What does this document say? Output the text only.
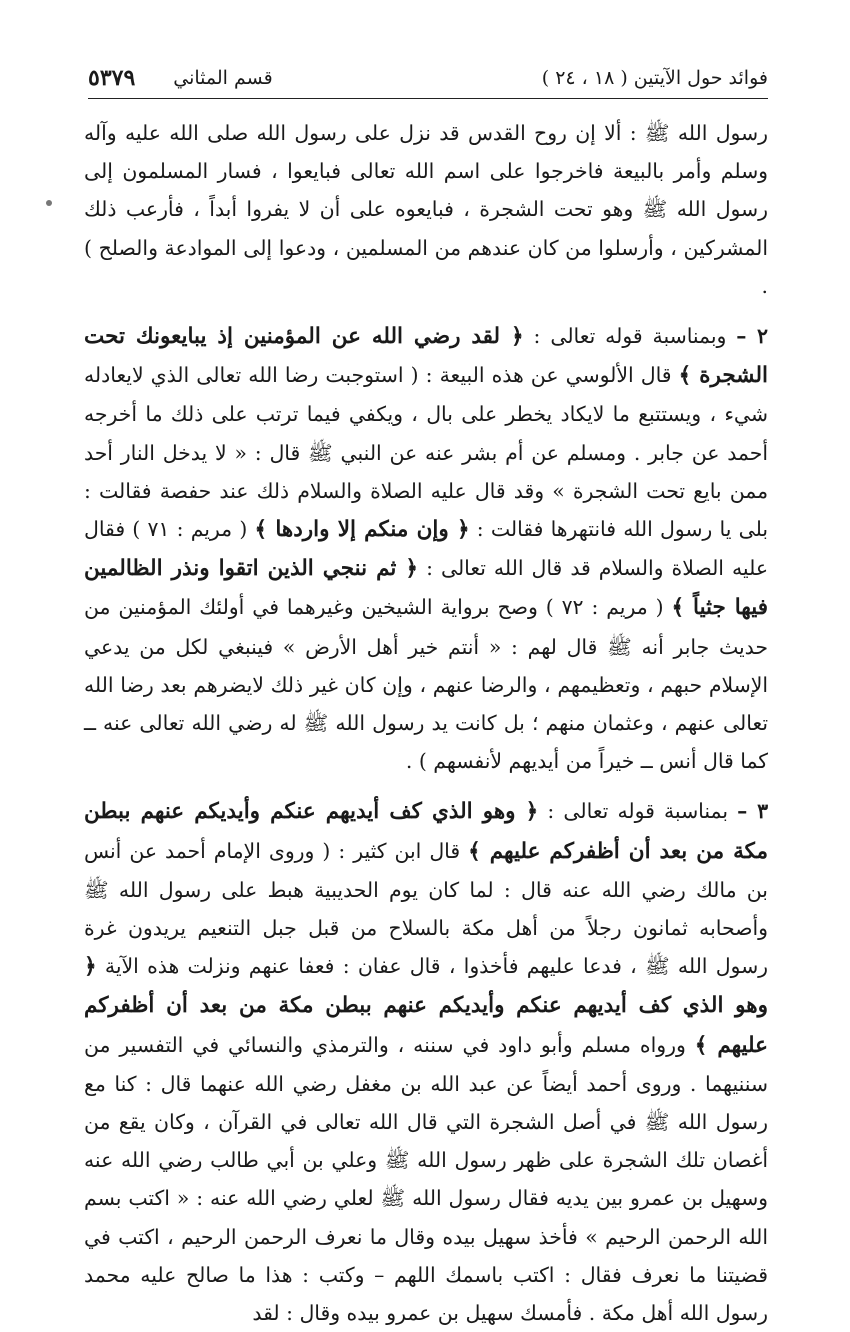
فوائد حول الآيتين ( ١٨ ، ٢٤ )
قسم المثاني
٥٣٧٩

رسول الله ﷺ : ألا إن روح القدس قد نزل على رسول الله صلى الله عليه وآله وسلم وأمر بالبيعة فاخرجوا على اسم الله تعالى فبايعوا ، فسار المسلمون إلى رسول الله ﷺ وهو تحت الشجرة ، فبايعوه على أن لا يفروا أبداً ، فأرعب ذلك المشركين ، وأرسلوا من كان عندهم من المسلمين ، ودعوا إلى الموادعة والصلح ) .

٢ – وبمناسبة قوله تعالى : ﴿ لقد رضي الله عن المؤمنين إذ يبايعونك تحت الشجرة ﴾ قال الألوسي عن هذه البيعة : ( استوجبت رضا الله تعالى الذي لايعادله شيء ، ويستتبع ما لايكاد يخطر على بال ، ويكفي فيما ترتب على ذلك ما أخرجه أحمد عن جابر . ومسلم عن أم بشر عنه عن النبي ﷺ قال : « لا يدخل النار أحد ممن بايع تحت الشجرة » وقد قال عليه الصلاة والسلام ذلك عند حفصة فقالت : بلى يا رسول الله فانتهرها فقالت : ﴿ وإن منكم إلا واردها ﴾ ( مريم : ٧١ ) فقال عليه الصلاة والسلام قد قال الله تعالى : ﴿ ثم ننجي الذين اتقوا ونذر الظالمين فيها جثياً ﴾ ( مريم : ٧٢ ) وصح برواية الشيخين وغيرهما في أولئك المؤمنين من حديث جابر أنه ﷺ قال لهم : « أنتم خير أهل الأرض » فينبغي لكل من يدعي الإسلام حبهم ، وتعظيمهم ، والرضا عنهم ، وإن كان غير ذلك لايضرهم بعد رضا الله تعالى عنهم ، وعثمان منهم ؛ بل كانت يد رسول الله ﷺ له رضي الله تعالى عنه ــ كما قال أنس ــ خيراً من أيديهم لأنفسهم ) .

٣ – بمناسبة قوله تعالى : ﴿ وهو الذي كف أيديهم عنكم وأيديكم عنهم ببطن مكة من بعد أن أظفركم عليهم ﴾ قال ابن كثير : ( وروى الإمام أحمد عن أنس بن مالك رضي الله عنه قال : لما كان يوم الحديبية هبط على رسول الله ﷺ وأصحابه ثمانون رجلاً من أهل مكة بالسلاح من قبل جبل التنعيم يريدون غرة رسول الله ﷺ ، فدعا عليهم فأخذوا ، قال عفان : فعفا عنهم ونزلت هذه الآية ﴿ وهو الذي كف أيديهم عنكم وأيديكم عنهم ببطن مكة من بعد أن أظفركم عليهم ﴾ ورواه مسلم وأبو داود في سننه ، والترمذي والنسائي في التفسير من سننيهما . وروى أحمد أيضاً عن عبد الله بن مغفل رضي الله عنهما قال : كنا مع رسول الله ﷺ في أصل الشجرة التي قال الله تعالى في القرآن ، وكان يقع من أغصان تلك الشجرة على ظهر رسول الله ﷺ وعلي بن أبي طالب رضي الله عنه وسهيل بن عمرو بين يديه فقال رسول الله ﷺ لعلي رضي الله عنه : « اكتب بسم الله الرحمن الرحيم » فأخذ سهيل بيده وقال ما نعرف الرحمن الرحيم ، اكتب في قضيتنا ما نعرف فقال : اكتب باسمك اللهم – وكتب : هذا ما صالح عليه محمد رسول الله أهل مكة . فأمسك سهيل بن عمرو بيده وقال : لقد
